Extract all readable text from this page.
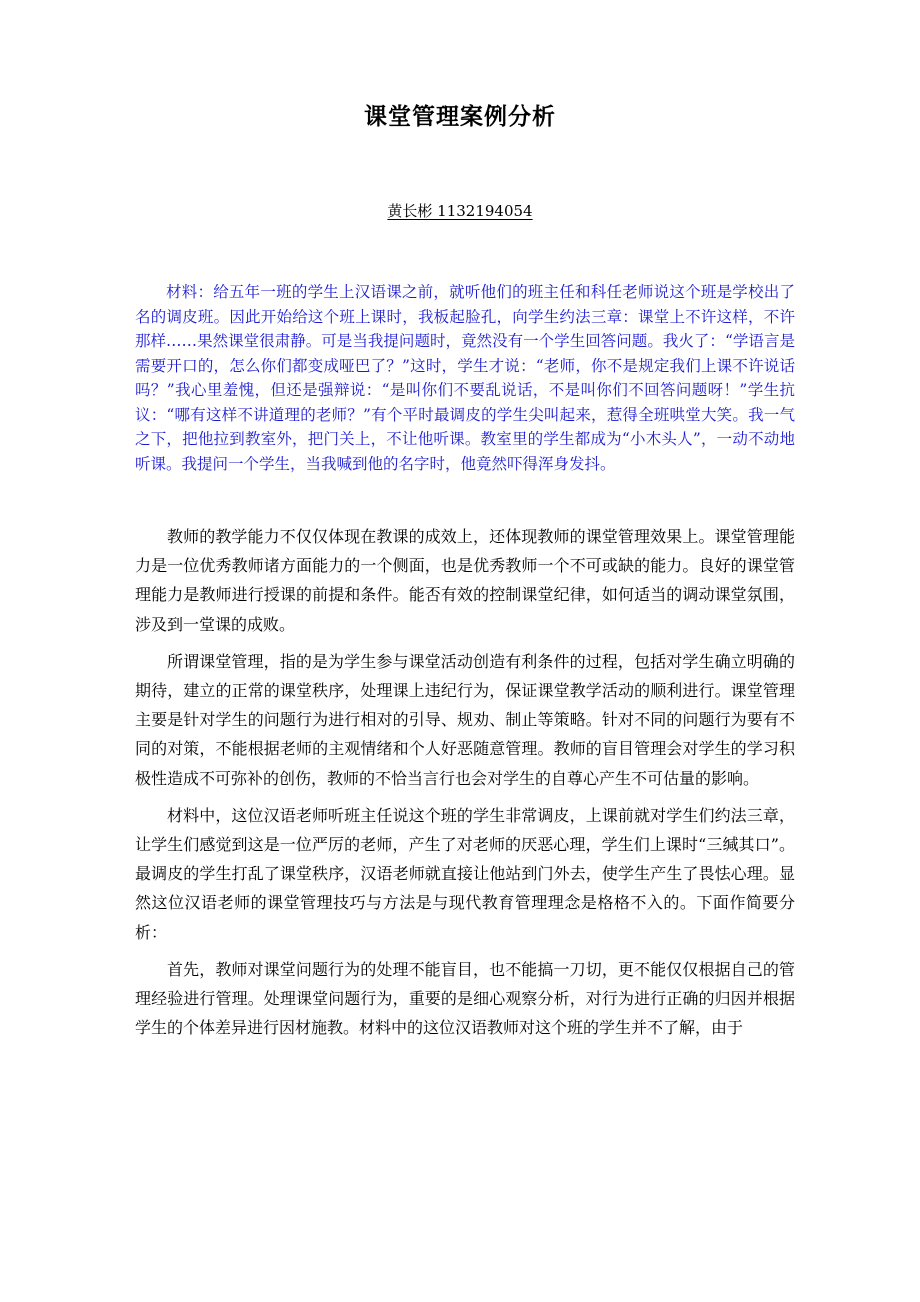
课堂管理案例分析
黄长彬 1132194054

材料：给五年一班的学生上汉语课之前，就听他们的班主任和科任老师说这个班是学校出了名的调皮班。因此开始给这个班上课时，我板起脸孔，向学生约法三章：课堂上不许这样，不许那样……果然课堂很肃静。可是当我提问题时，竟然没有一个学生回答问题。我火了：“学语言是需要开口的，怎么你们都变成哑巴了？”这时，学生才说：“老师，你不是规定我们上课不许说话吗？”我心里羞愧，但还是强辩说：“是叫你们不要乱说话，不是叫你们不回答问题呀！”学生抗议：“哪有这样不讲道理的老师？”有个平时最调皮的学生尖叫起来，惹得全班哄堂大笑。我一气之下，把他拉到教室外，把门关上，不让他听课。教室里的学生都成为“小木头人”，一动不动地听课。我提问一个学生，当我喊到他的名字时，他竟然吓得浑身发抖。

教师的教学能力不仅仅体现在教课的成效上，还体现教师的课堂管理效果上。课堂管理能力是一位优秀教师诸方面能力的一个侧面，也是优秀教师一个不可或缺的能力。良好的课堂管理能力是教师进行授课的前提和条件。能否有效的控制课堂纪律，如何适当的调动课堂氛围，涉及到一堂课的成败。

所谓课堂管理，指的是为学生参与课堂活动创造有利条件的过程，包括对学生确立明确的期待，建立的正常的课堂秩序，处理课上违纪行为，保证课堂教学活动的顺利进行。课堂管理主要是针对学生的问题行为进行相对的引导、规劝、制止等策略。针对不同的问题行为要有不同的对策，不能根据老师的主观情绪和个人好恶随意管理。教师的盲目管理会对学生的学习积极性造成不可弥补的创伤，教师的不恰当言行也会对学生的自尊心产生不可估量的影响。

材料中，这位汉语老师听班主任说这个班的学生非常调皮，上课前就对学生们约法三章，让学生们感觉到这是一位严厉的老师，产生了对老师的厌恶心理，学生们上课时“三缄其口”。最调皮的学生打乱了课堂秩序，汉语老师就直接让他站到门外去，使学生产生了畏怯心理。显然这位汉语老师的课堂管理技巧与方法是与现代教育管理理念是格格不入的。下面作简要分析：

首先，教师对课堂问题行为的处理不能盲目，也不能搞一刀切，更不能仅仅根据自己的管理经验进行管理。处理课堂问题行为，重要的是细心观察分析，对行为进行正确的归因并根据学生的个体差异进行因材施教。材料中的这位汉语教师对这个班的学生并不了解，由于
